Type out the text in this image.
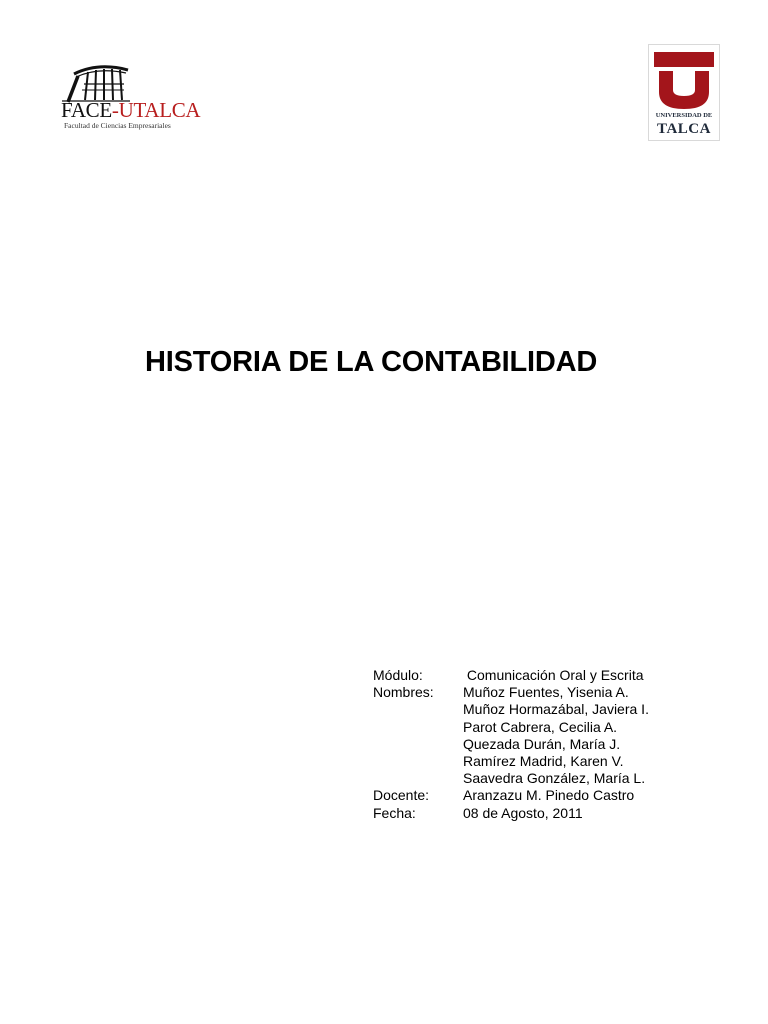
FACE-UTALCA
Facultad de Ciencias Empresariales
UNIVERSIDAD DE
TALCA
HISTORIA DE LA CONTABILIDAD
Módulo:	Comunicación Oral y Escrita
Nombres: Muñoz Fuentes, Yisenia A.
Muñoz Hormazábal, Javiera I.
Parot Cabrera, Cecilia A.
Quezada Durán, María J.
Ramírez Madrid, Karen V.
Saavedra González, María L.
Docente: Aranzazu M. Pinedo Castro
Fecha:	08 de Agosto, 2011
